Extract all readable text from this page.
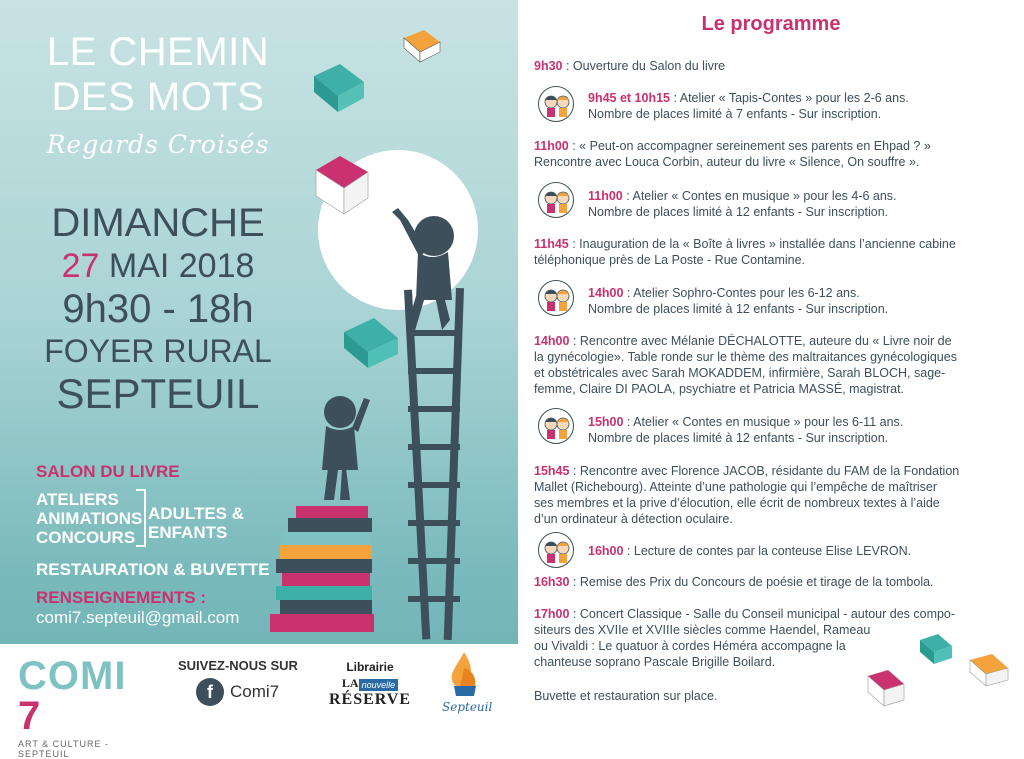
LE CHEMIN
DES MOTS
Regards Croisés
DIMANCHE
27 MAI 2018
9h30 - 18h
FOYER RURAL
SEPTEUIL
SALON DU LIVRE
ATELIERS
ANIMATIONS
CONCOURS
ADULTES &
ENFANTS
RESTAURATION & BUVETTE
RENSEIGNEMENTS :
comi7.septeuil@gmail.com
COMI 7
ART & CULTURE - SEPTEUIL
SUIVEZ-NOUS SUR
f	Comi7
Librairie
LA nouvelle
RÉSERVE	Septeuil
Le programme
9h30 : Ouverture du Salon du livre
9h45 et 10h15 : Atelier « Tapis-Contes » pour les 2-6 ans.
Nombre de places limité à 7 enfants - Sur inscription.
11h00 : « Peut-on accompagner sereinement ses parents en Ehpad ? »
Rencontre avec Louca Corbin, auteur du livre « Silence, On souffre ».
11h00 : Atelier « Contes en musique » pour les 4-6 ans.
Nombre de places limité à 12 enfants - Sur inscription.
11h45 : Inauguration de la « Boîte à livres » installée dans l’ancienne cabine
téléphonique près de La Poste - Rue Contamine.
14h00 : Atelier Sophro-Contes pour les 6-12 ans.
Nombre de places limité à 12 enfants - Sur inscription.
14h00 : Rencontre avec Mélanie DÉCHALOTTE, auteure du « Livre noir de
la gynécologie». Table ronde sur le thème des maltraitances gynécologiques
et obstétricales avec Sarah MOKADDEM, infirmière, Sarah BLOCH, sage-
femme, Claire DI PAOLA, psychiatre et Patricia MASSÉ, magistrat.
15h00 : Atelier « Contes en musique » pour les 6-11 ans.
Nombre de places limité à 12 enfants - Sur inscription.
15h45 : Rencontre avec Florence JACOB, résidante du FAM de la Fondation
Mallet (Richebourg). Atteinte d’une pathologie qui l’empêche de maîtriser
ses membres et la prive d’élocution, elle écrit de nombreux textes à l’aide
d’un ordinateur à détection oculaire.
16h00 : Lecture de contes par la conteuse Elise LEVRON.
16h30 : Remise des Prix du Concours de poésie et tirage de la tombola.
17h00 : Concert Classique - Salle du Conseil municipal - autour des compo-
siteurs des XVIIe et XVIIIe siècles comme Haendel, Rameau
ou Vivaldi : Le quatuor à cordes Héméra accompagne la
chanteuse soprano Pascale Brigille Boilard.
Buvette et restauration sur place.
